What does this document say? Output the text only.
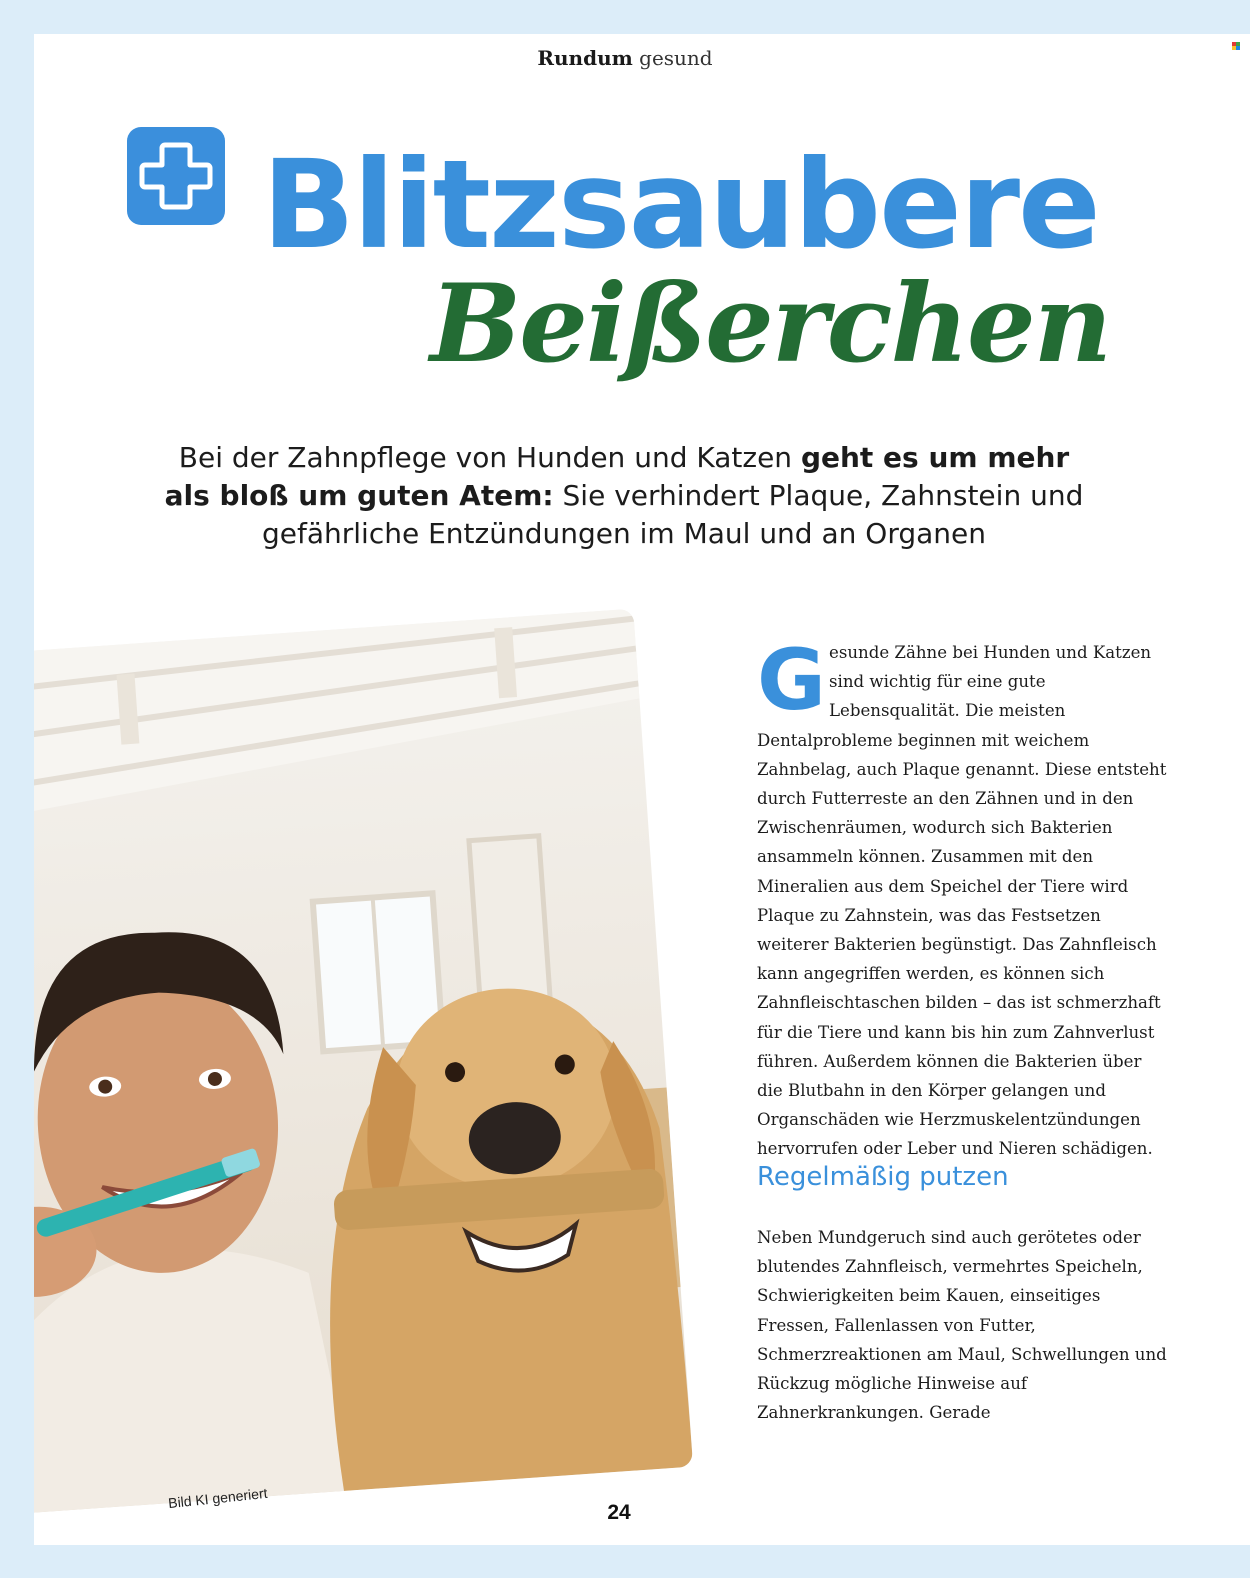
Rundum gesund
Blitzsaubere
Beißerchen
Bei der Zahnpflege von Hunden und Katzen geht es um mehr als bloß um guten Atem: Sie verhindert Plaque, Zahnstein und gefährliche Entzündungen im Maul und an Organen
Bild KI generiert
Gesunde Zähne bei Hunden und Katzen sind wichtig für eine gute Lebensqualität. Die meisten Dentalprobleme beginnen mit weichem Zahnbelag, auch Plaque genannt. Diese entsteht durch Futterreste an den Zähnen und in den Zwischenräumen, wodurch sich Bakterien ansammeln können. Zusammen mit den Mineralien aus dem Speichel der Tiere wird Plaque zu Zahnstein, was das Festsetzen weiterer Bakterien begünstigt. Das Zahnfleisch kann angegriffen werden, es können sich Zahnfleischtaschen bilden – das ist schmerzhaft für die Tiere und kann bis hin zum Zahnverlust führen. Außerdem können die Bakterien über die Blutbahn in den Körper gelangen und Organschäden wie Herzmuskelentzündungen hervorrufen oder Leber und Nieren schädigen.
Regelmäßig putzen
Neben Mundgeruch sind auch gerötetes oder blutendes Zahnfleisch, vermehrtes Speicheln, Schwierigkeiten beim Kauen, einseitiges Fressen, Fallenlassen von Futter, Schmerzreaktionen am Maul, Schwellungen und Rückzug mögliche Hinweise auf Zahnerkrankungen. Gerade
24
